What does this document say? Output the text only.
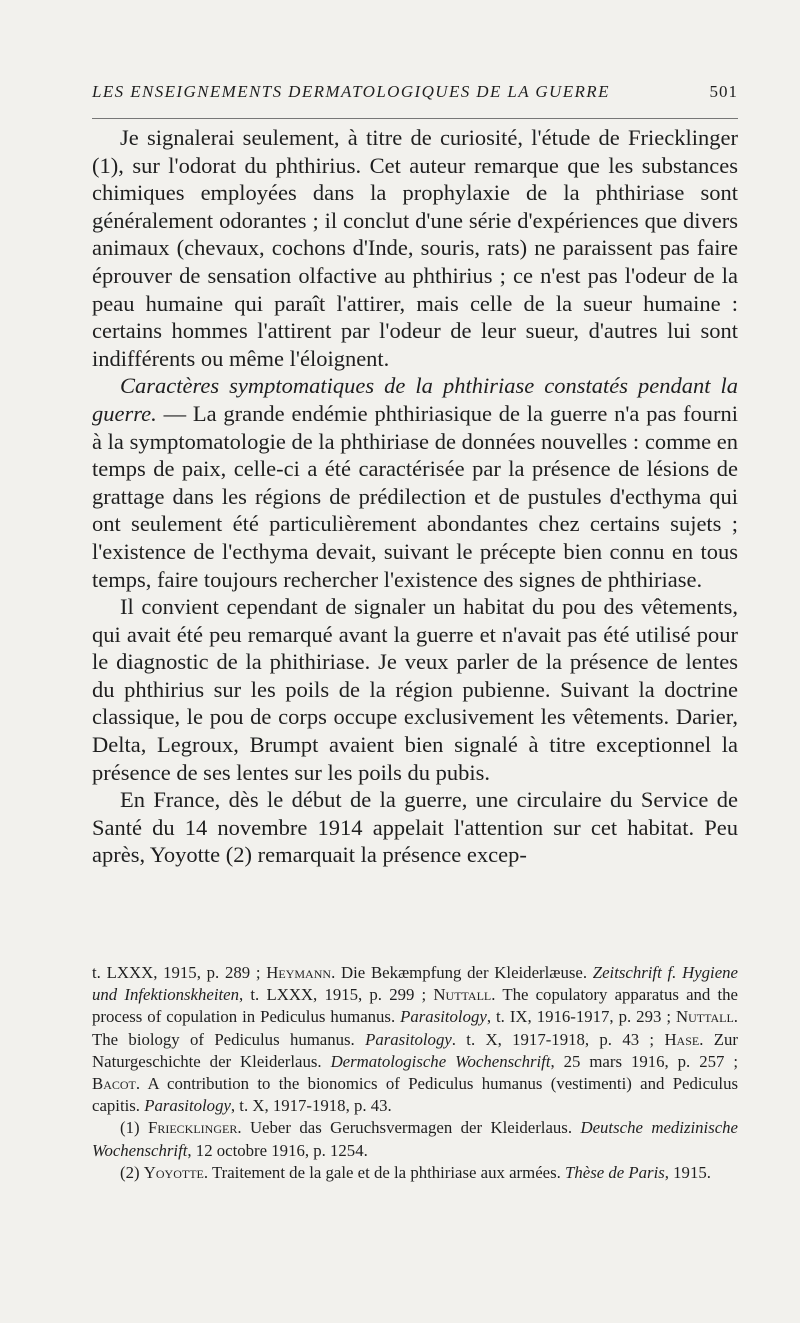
LES ENSEIGNEMENTS DERMATOLOGIQUES DE LA GUERRE	501

Je signalerai seulement, à titre de curiosité, l'étude de Friecklinger (1), sur l'odorat du phthirius. Cet auteur remarque que les substances chimiques employées dans la prophylaxie de la phthiriase sont généralement odorantes ; il conclut d'une série d'expériences que divers animaux (chevaux, cochons d'Inde, souris, rats) ne paraissent pas faire éprouver de sensation olfactive au phthirius ; ce n'est pas l'odeur de la peau humaine qui paraît l'attirer, mais celle de la sueur humaine : certains hommes l'attirent par l'odeur de leur sueur, d'autres lui sont indifférents ou même l'éloignent.

Caractères symptomatiques de la phthiriase constatés pendant la guerre. — La grande endémie phthiriasique de la guerre n'a pas fourni à la symptomatologie de la phthiriase de données nouvelles : comme en temps de paix, celle-ci a été caractérisée par la présence de lésions de grattage dans les régions de prédilection et de pustules d'ecthyma qui ont seulement été particulièrement abondantes chez certains sujets ; l'existence de l'ecthyma devait, suivant le précepte bien connu en tous temps, faire toujours rechercher l'existence des signes de phthiriase.

Il convient cependant de signaler un habitat du pou des vêtements, qui avait été peu remarqué avant la guerre et n'avait pas été utilisé pour le diagnostic de la phithiriase. Je veux parler de la présence de lentes du phthirius sur les poils de la région pubienne. Suivant la doctrine classique, le pou de corps occupe exclusivement les vêtements. Darier, Delta, Legroux, Brumpt avaient bien signalé à titre exceptionnel la présence de ses lentes sur les poils du pubis.

En France, dès le début de la guerre, une circulaire du Service de Santé du 14 novembre 1914 appelait l'attention sur cet habitat. Peu après, Yoyotte (2) remarquait la présence excep-

t. LXXX, 1915, p. 289 ; Heymann. Die Bekæmpfung der Kleiderlæuse. Zeitschrift f. Hygiene und Infektionskheiten, t. LXXX, 1915, p. 299 ; Nuttall. The copulatory apparatus and the process of copulation in Pediculus humanus. Parasitology, t. IX, 1916-1917, p. 293 ; Nuttall. The biology of Pediculus humanus. Parasitology. t. X, 1917-1918, p. 43 ; Hase. Zur Naturgeschichte der Kleiderlaus. Dermatologische Wochenschrift, 25 mars 1916, p. 257 ; Bacot. A contribution to the bionomics of Pediculus humanus (vestimenti) and Pediculus capitis. Parasitology, t. X, 1917-1918, p. 43.

(1) Friecklinger. Ueber das Geruchsvermagen der Kleiderlaus. Deutsche medizinische Wochenschrift, 12 octobre 1916, p. 1254.

(2) Yoyotte. Traitement de la gale et de la phthiriase aux armées. Thèse de Paris, 1915.
